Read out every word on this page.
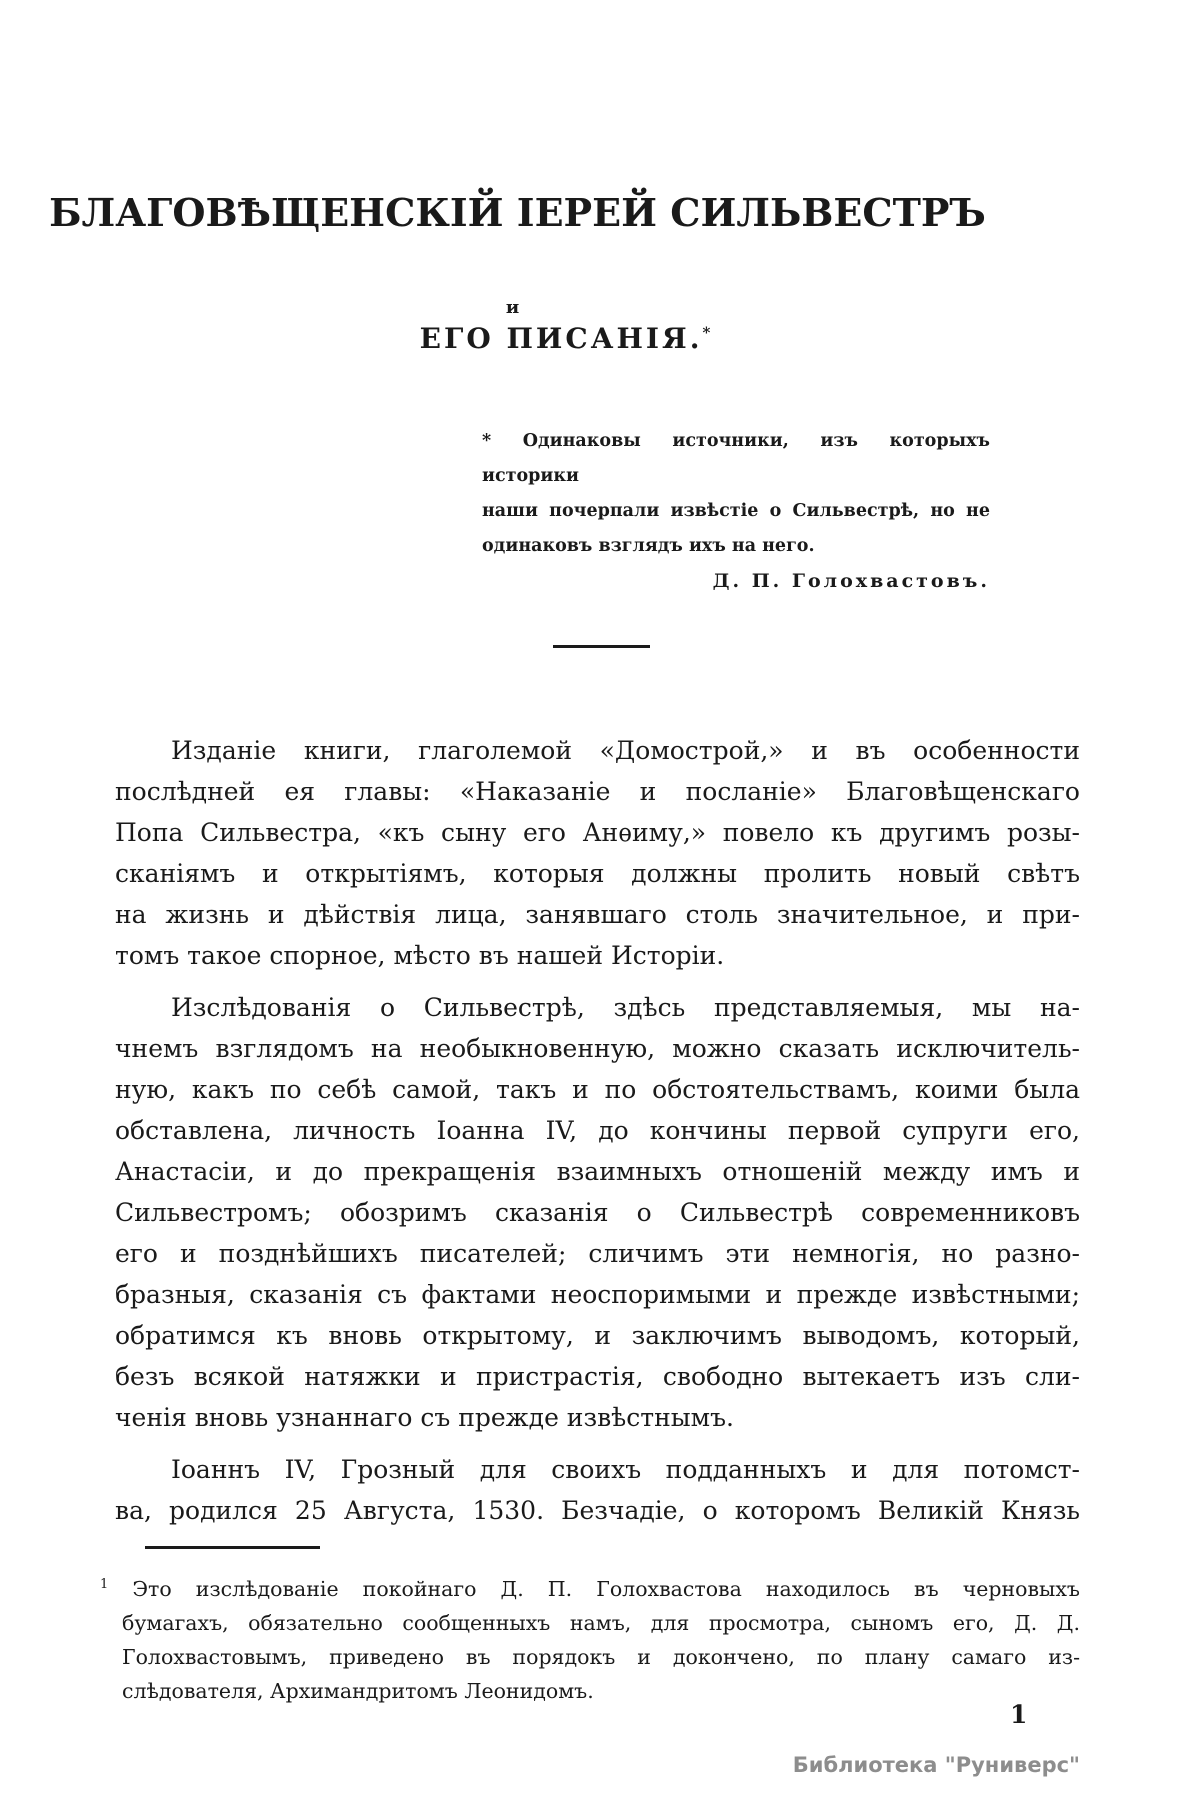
БЛАГОВѢЩЕНСКІЙ ІЕРЕЙ СИЛЬВЕСТРЪ
и
ЕГО ПИСАНІЯ.*
* Одинаковы источники, изъ которыхъ историки
наши почерпали извѣстіе о Сильвестрѣ, но не
одинаковъ взглядъ ихъ на него.
Д. П. Голохвастовъ.
Изданіе книги, глаголемой «Домострой,» и въ особенности
послѣдней ея главы: «Наказаніе и посланіе» Благовѣщенскаго
Попа Сильвестра, «къ сыну его Анѳиму,» повело къ другимъ розы-
сканіямъ и открытіямъ, которыя должны пролить новый свѣтъ
на жизнь и дѣйствія лица, занявшаго столь значительное, и при-
томъ такое спорное, мѣсто въ нашей Исторіи.
Изслѣдованія о Сильвестрѣ, здѣсь представляемыя, мы на-
чнемъ взглядомъ на необыкновенную, можно сказать исключитель-
ную, какъ по себѣ самой, такъ и по обстоятельствамъ, коими была
обставлена, личность Іоанна IV, до кончины первой супруги его,
Анастасіи, и до прекращенія взаимныхъ отношеній между имъ и
Сильвестромъ; обозримъ сказанія о Сильвестрѣ современниковъ
его и позднѣйшихъ писателей; сличимъ эти немногія, но разно-
бразныя, сказанія съ фактами неоспоримыми и прежде извѣстными;
обратимся къ вновь открытому, и заключимъ выводомъ, который,
безъ всякой натяжки и пристрастія, свободно вытекаетъ изъ сли-
ченія вновь узнаннаго съ прежде извѣстнымъ.
Іоаннъ IV, Грозный для своихъ подданныхъ и для потомст-
ва, родился 25 Августа, 1530. Безчадіе, о которомъ Великій Князь
$^1$ Это изслѣдованіе покойнаго Д. П. Голохвастова находилось въ черновыхъ
бумагахъ, обязательно сообщенныхъ намъ, для просмотра, сыномъ его, Д. Д.
Голохвастовымъ, приведено въ порядокъ и докончено, по плану самаго из-
слѣдователя, Архимандритомъ Леонидомъ.
1
Библиотека "Руниверс"
